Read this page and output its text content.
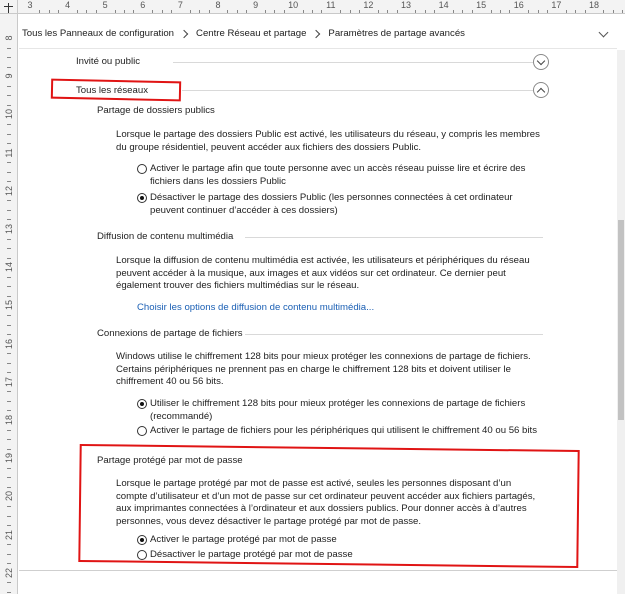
3	4	5	6	7	8	9	10	11	12	13	14	15	16	17	18
8
9
10
11
12
13
14
15
16
17
18
19
20
21
22
Tous les Panneaux de configuration Centre Réseau et partage Paramètres de partage avancés
Invité ou public
Tous les réseaux
Partage de dossiers publics
Lorsque le partage des dossiers Public est activé, les utilisateurs du réseau, y compris les membres du groupe résidentiel, peuvent accéder aux fichiers des dossiers Public.
Activer le partage afin que toute personne avec un accès réseau puisse lire et écrire des fichiers dans les dossiers Public
Désactiver le partage des dossiers Public (les personnes connectées à cet ordinateur peuvent continuer d’accéder à ces dossiers)
Diffusion de contenu multimédia
Lorsque la diffusion de contenu multimédia est activée, les utilisateurs et périphériques du réseau peuvent accéder à la musique, aux images et aux vidéos sur cet ordinateur. Ce dernier peut également trouver des fichiers multimédias sur le réseau.
Choisir les options de diffusion de contenu multimédia...
Connexions de partage de fichiers
Windows utilise le chiffrement 128 bits pour mieux protéger les connexions de partage de fichiers. Certains périphériques ne prennent pas en charge le chiffrement 128 bits et doivent utiliser le chiffrement 40 ou 56 bits.
Utiliser le chiffrement 128 bits pour mieux protéger les connexions de partage de fichiers (recommandé)
Activer le partage de fichiers pour les périphériques qui utilisent le chiffrement 40 ou 56 bits
Partage protégé par mot de passe
Lorsque le partage protégé par mot de passe est activé, seules les personnes disposant d’un compte d’utilisateur et d’un mot de passe sur cet ordinateur peuvent accéder aux fichiers partagés, aux imprimantes connectées à l’ordinateur et aux dossiers publics. Pour donner accès à d’autres personnes, vous devez désactiver le partage protégé par mot de passe.
Activer le partage protégé par mot de passe
Désactiver le partage protégé par mot de passe
